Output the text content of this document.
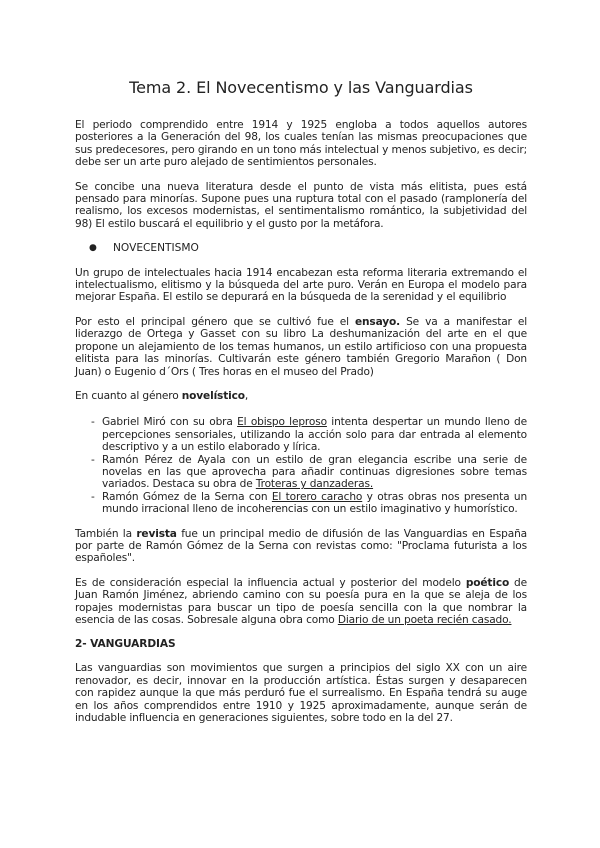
Tema 2. El Novecentismo y las Vanguardias

El periodo comprendido entre 1914 y 1925 engloba a todos aquellos autores posteriores a la Generación del 98, los cuales tenían las mismas preocupaciones que sus predecesores, pero girando en un tono más intelectual y menos subjetivo, es decir; debe ser un arte puro alejado de sentimientos personales.

Se concibe una nueva literatura desde el punto de vista más elitista, pues está pensado para minorías. Supone pues una ruptura total con el pasado (ramplonería del realismo, los excesos modernistas, el sentimentalismo romántico, la subjetividad del 98) El estilo buscará el equilibrio y el gusto por la metáfora.

●	NOVECENTISMO

Un grupo de intelectuales hacia 1914 encabezan esta reforma literaria extremando el intelectualismo, elitismo y la búsqueda del arte puro. Verán en Europa el modelo para mejorar España. El estilo se depurará en la búsqueda de la serenidad y el equilibrio

Por esto el principal género que se cultivó fue el ensayo. Se va a manifestar el liderazgo de Ortega y Gasset con su libro La deshumanización del arte en el que propone un alejamiento de los temas humanos, un estilo artificioso con una propuesta elitista para las minorías. Cultivarán este género también Gregorio Marañon ( Don Juan) o Eugenio d´Ors ( Tres horas en el museo del Prado)

En cuanto al género novelístico,

- Gabriel Miró con su obra El obispo leproso intenta despertar un mundo lleno de percepciones sensoriales, utilizando la acción solo para dar entrada al elemento descriptivo y a un estilo elaborado y lírica.
- Ramón Pérez de Ayala con un estilo de gran elegancia escribe una serie de novelas en las que aprovecha para añadir continuas digresiones sobre temas variados. Destaca su obra de Troteras y danzaderas.
- Ramón Gómez de la Serna con El torero caracho y otras obras nos presenta un mundo irracional lleno de incoherencias con un estilo imaginativo y humorístico.

También la revista fue un principal medio de difusión de las Vanguardias en España por parte de Ramón Gómez de la Serna con revistas como: "Proclama futurista a los españoles".

Es de consideración especial la influencia actual y posterior del modelo poético de Juan Ramón Jiménez, abriendo camino con su poesía pura en la que se aleja de los ropajes modernistas para buscar un tipo de poesía sencilla con la que nombrar la esencia de las cosas. Sobresale alguna obra como Diario de un poeta recién casado.

2- VANGUARDIAS

Las vanguardias son movimientos que surgen a principios del siglo XX con un aire renovador, es decir, innovar en la producción artística. Éstas surgen y desaparecen con rapidez aunque la que más perduró fue el surrealismo. En España tendrá su auge en los años comprendidos entre 1910 y 1925 aproximadamente, aunque serán de indudable influencia en generaciones siguientes, sobre todo en la del 27.
